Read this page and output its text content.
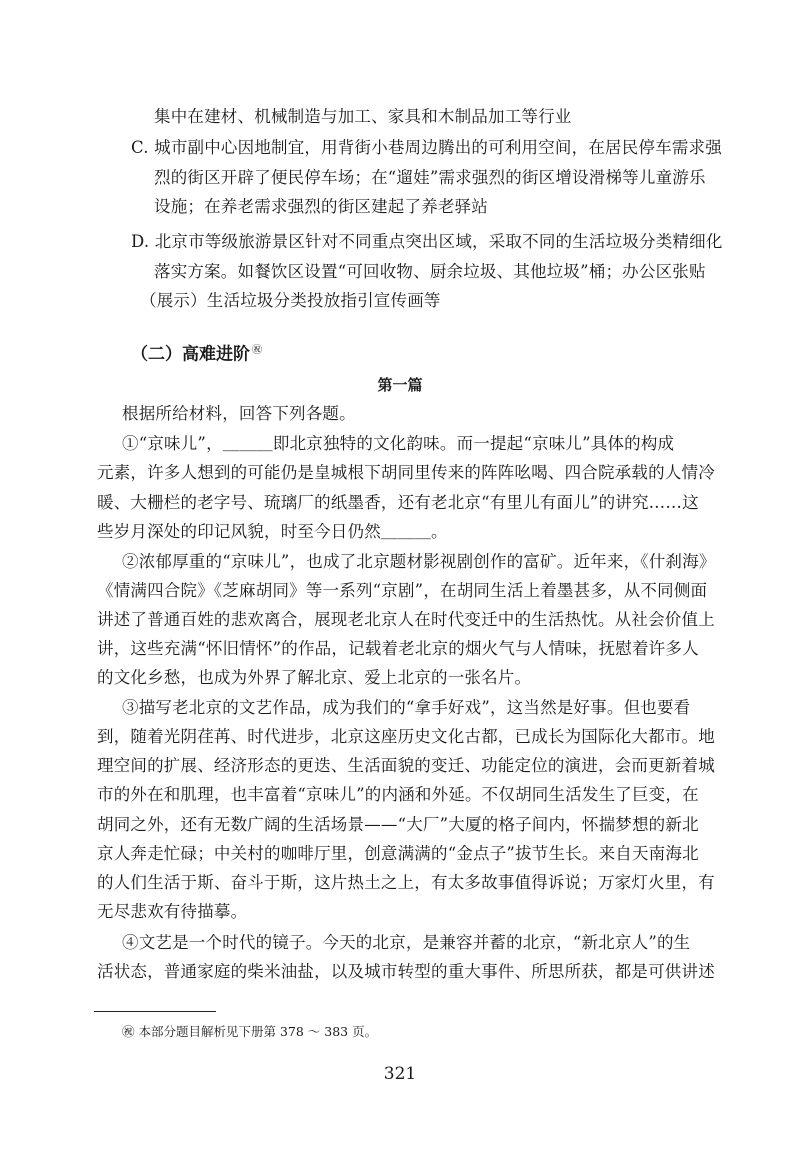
集中在建材、机械制造与加工、家具和木制品加工等行业
C. 城市副中心因地制宜，用背街小巷周边腾出的可利用空间，在居民停车需求强
烈的街区开辟了便民停车场；在“遛娃”需求强烈的街区增设滑梯等儿童游乐
设施；在养老需求强烈的街区建起了养老驿站
D. 北京市等级旅游景区针对不同重点突出区域，采取不同的生活垃圾分类精细化
落实方案。如餐饮区设置“可回收物、厨余垃圾、其他垃圾”桶；办公区张贴
（展示）生活垃圾分类投放指引宣传画等
（二）高难进阶 ㊗
第一篇
根据所给材料，回答下列各题。
①“京味儿”，＿＿＿即北京独特的文化韵味。而一提起“京味儿”具体的构成
元素，许多人想到的可能仍是皇城根下胡同里传来的阵阵吆喝、四合院承载的人情冷
暖、大栅栏的老字号、琉璃厂的纸墨香，还有老北京“有里儿有面儿”的讲究……这
些岁月深处的印记风貌，时至今日仍然＿＿＿。
②浓郁厚重的“京味儿”，也成了北京题材影视剧创作的富矿。近年来，《什刹海》
《情满四合院》《芝麻胡同》等一系列“京剧”，在胡同生活上着墨甚多，从不同侧面
讲述了普通百姓的悲欢离合，展现老北京人在时代变迁中的生活热忱。从社会价值上
讲，这些充满“怀旧情怀”的作品，记载着老北京的烟火气与人情味，抚慰着许多人
的文化乡愁，也成为外界了解北京、爱上北京的一张名片。
③描写老北京的文艺作品，成为我们的“拿手好戏”，这当然是好事。但也要看
到，随着光阴荏苒、时代进步，北京这座历史文化古都，已成长为国际化大都市。地
理空间的扩展、经济形态的更迭、生活面貌的变迁、功能定位的演进，会而更新着城
市的外在和肌理，也丰富着“京味儿”的内涵和外延。不仅胡同生活发生了巨变，在
胡同之外，还有无数广阔的生活场景——“大厂”大厦的格子间内，怀揣梦想的新北
京人奔走忙碌；中关村的咖啡厅里，创意满满的“金点子”拔节生长。来自天南海北
的人们生活于斯、奋斗于斯，这片热土之上，有太多故事值得诉说；万家灯火里，有
无尽悲欢有待描摹。
④文艺是一个时代的镜子。今天的北京，是兼容并蓄的北京，“新北京人”的生
活状态，普通家庭的柴米油盐，以及城市转型的重大事件、所思所获，都是可供讲述
㊗ 本部分题目解析见下册第 378 ～ 383 页。
321
